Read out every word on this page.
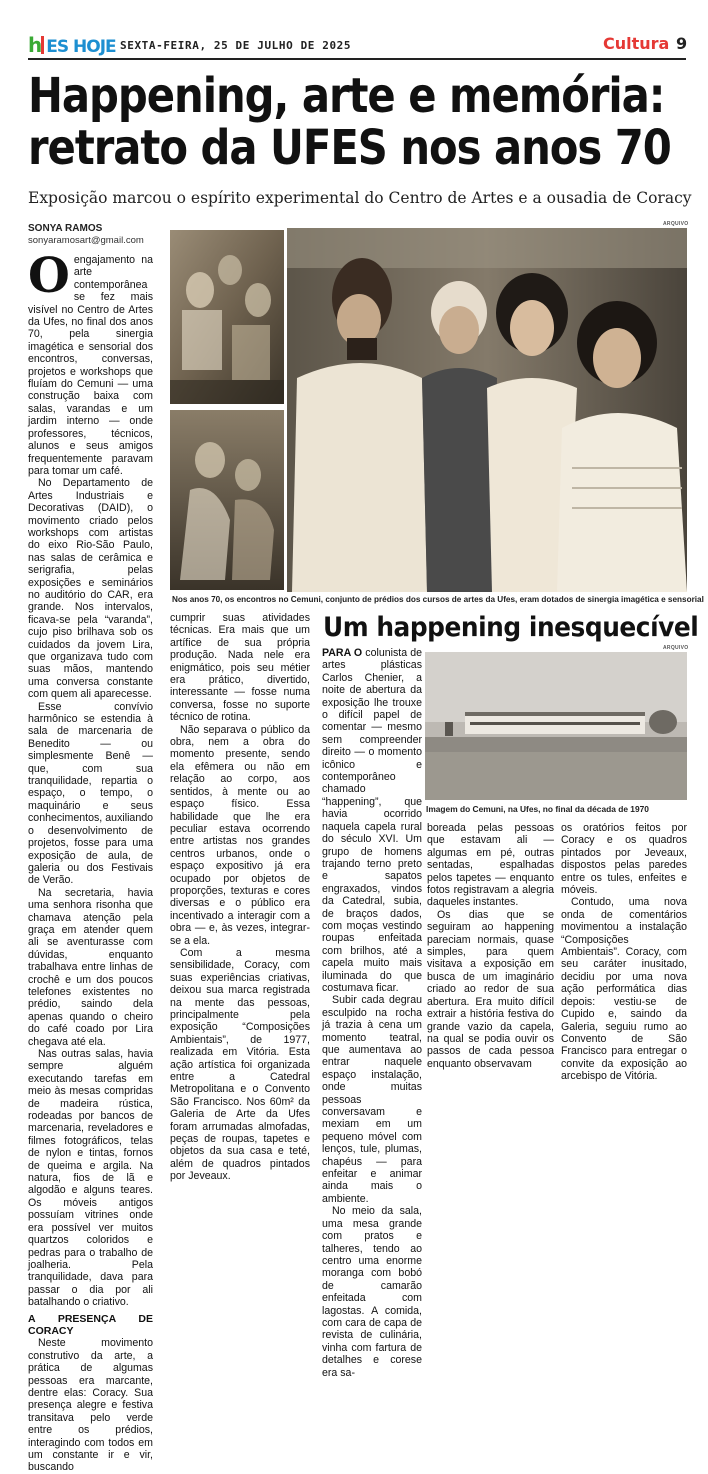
h ES HOJE SEXTA-FEIRA, 25 DE JULHO DE 2025	Cultura 9
Happening, arte e memória:
retrato da UFES nos anos 70
Exposição marcou o espírito experimental do Centro de Artes e a ousadia de Coracy
SONYA RAMOS
sonyaramosart@gmail.com
ARQUIVO
Nos anos 70, os encontros no Cemuni, conjunto de prédios dos cursos de artes da Ufes, eram dotados de sinergia imagética e sensorial

Oengajamento na arte contemporânea se fez mais visível no Centro de Artes da Ufes, no final dos anos 70, pela sinergia imagética e sensorial dos encontros, conversas, projetos e workshops que fluíam do Cemuni — uma construção baixa com salas, varandas e um jardim interno — onde professores, técnicos, alunos e seus amigos frequentemente paravam para tomar um café.

No Departamento de Artes Industriais e Decorativas (DAID), o movimento criado pelos workshops com artistas do eixo Rio-São Paulo, nas salas de cerâmica e serigrafia, pelas exposições e seminários no auditório do CAR, era grande. Nos intervalos, ficava-se pela “varanda”, cujo piso brilhava sob os cuidados da jovem Lira, que organizava tudo com suas mãos, mantendo uma conversa constante com quem ali aparecesse.

Esse convívio harmônico se estendia à sala de marcenaria de Benedito — ou simplesmente Benê — que, com sua tranquilidade, repartia o espaço, o tempo, o maquinário e seus conhecimentos, auxiliando o desenvolvimento de projetos, fosse para uma exposição de aula, de galeria ou dos Festivais de Verão.

Na secretaria, havia uma senhora risonha que chamava atenção pela graça em atender quem ali se aventurasse com dúvidas, enquanto trabalhava entre linhas de crochê e um dos poucos telefones existentes no prédio, saindo dela apenas quando o cheiro do café coado por Lira chegava até ela.

Nas outras salas, havia sempre alguém executando tarefas em meio às mesas compridas de madeira rústica, rodeadas por bancos de marcenaria, reveladores e filmes fotográficos, telas de nylon e tintas, fornos de queima e argila. Na natura, fios de lã e algodão e alguns teares. Os móveis antigos possuíam vitrines onde era possível ver muitos quartzos coloridos e pedras para o trabalho de joalheria. Pela tranquilidade, dava para passar o dia por ali batalhando o criativo.

A PRESENÇA DE CORACY

Neste movimento construtivo da arte, a prática de algumas pessoas era marcante, dentre elas: Coracy. Sua presença alegre e festiva transitava pelo verde entre os prédios, interagindo com todos em um constante ir e vir, buscando

cumprir suas atividades técnicas. Era mais que um artífice de sua própria produção. Nada nele era enigmático, pois seu métier era prático, divertido, interessante — fosse numa conversa, fosse no suporte técnico de rotina.

Não separava o público da obra, nem a obra do momento presente, sendo ela efêmera ou não em relação ao corpo, aos sentidos, à mente ou ao espaço físico. Essa habilidade que lhe era peculiar estava ocorrendo entre artistas nos grandes centros urbanos, onde o espaço expositivo já era ocupado por objetos de proporções, texturas e cores diversas e o público era incentivado a interagir com a obra — e, às vezes, integrar-se a ela.

Com a mesma sensibilidade, Coracy, com suas experiências criativas, deixou sua marca registrada na mente das pessoas, principalmente pela exposição “Composições Ambientais”, de 1977, realizada em Vitória. Esta ação artística foi organizada entre a Catedral Metropolitana e o Convento São Francisco. Nos 60m² da Galeria de Arte da Ufes foram arrumadas almofadas, peças de roupas, tapetes e objetos da sua casa e teté, além de quadros pintados por Jeveaux.

Um happening inesquecível
ARQUIVO
Imagem do Cemuni, na Ufes, no final da década de 1970

PARA O colunista de artes plásticas Carlos Chenier, a noite de abertura da exposição lhe trouxe o difícil papel de comentar — mesmo sem compreender direito — o momento icônico e contemporâneo chamado “happening”, que havia ocorrido naquela capela rural do século XVI. Um grupo de homens trajando terno preto e sapatos engraxados, vindos da Catedral, subia, de braços dados, com moças vestindo roupas enfeitada com brilhos, até a capela muito mais iluminada do que costumava ficar.

Subir cada degrau esculpido na rocha já trazia à cena um momento teatral, que aumentava ao entrar naquele espaço instalação, onde muitas pessoas conversavam e mexiam em um pequeno móvel com lenços, tule, plumas, chapéus — para enfeitar e animar ainda mais o ambiente.

No meio da sala, uma mesa grande com pratos e talheres, tendo ao centro uma enorme moranga com bobó de camarão enfeitada com lagostas. A comida, com cara de capa de revista de culinária, vinha com fartura de detalhes e corese era sa-

boreada pelas pessoas que estavam ali — algumas em pé, outras sentadas, espalhadas pelos tapetes — enquanto fotos registravam a alegria daqueles instantes.

Os dias que se seguiram ao happening pareciam normais, quase simples, para quem visitava a exposição em busca de um imaginário criado ao redor de sua abertura. Era muito difícil extrair a história festiva do grande vazio da capela, na qual se podia ouvir os passos de cada pessoa enquanto observavam

os oratórios feitos por Coracy e os quadros pintados por Jeveaux, dispostos pelas paredes entre os tules, enfeites e móveis.

Contudo, uma nova onda de comentários movimentou a instalação “Composições Ambientais”. Coracy, com seu caráter inusitado, decidiu por uma nova ação performática dias depois: vestiu-se de Cupido e, saindo da Galeria, seguiu rumo ao Convento de São Francisco para entregar o convite da exposição ao arcebispo de Vitória.
